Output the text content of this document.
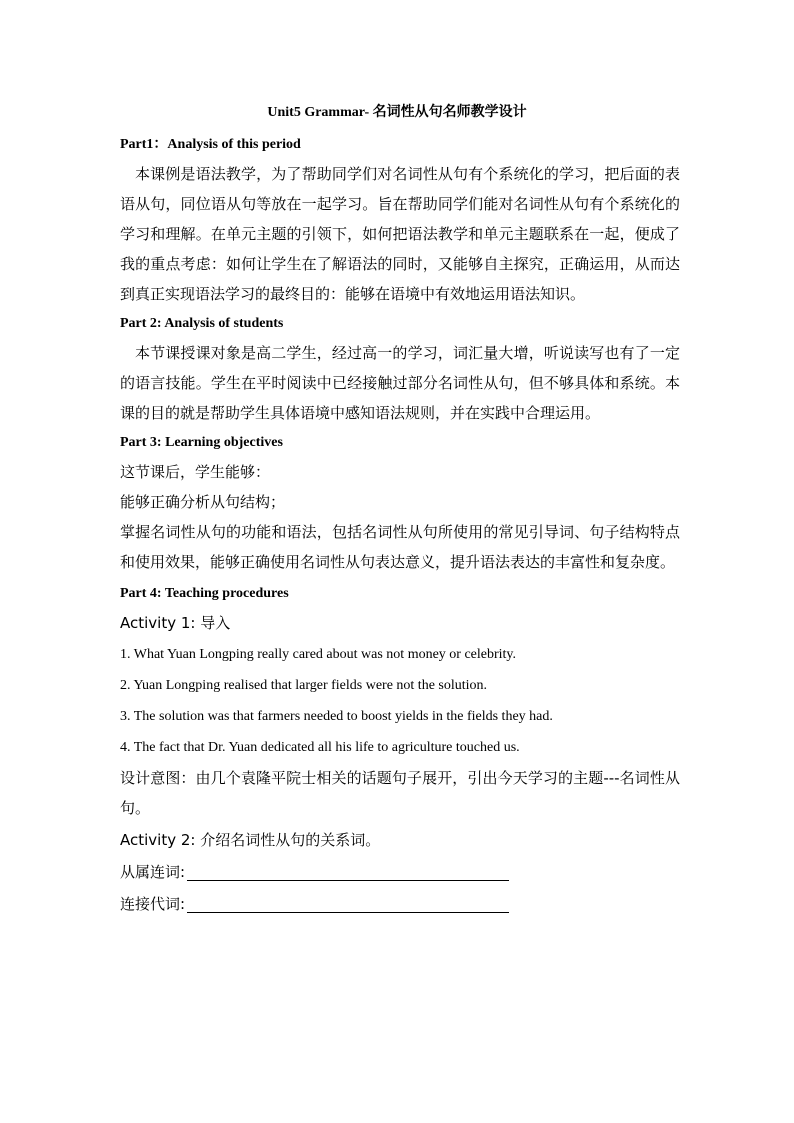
Unit5 Grammar- 名词性从句名师教学设计
Part1：Analysis of this period
本课例是语法教学，为了帮助同学们对名词性从句有个系统化的学习，把后面的表语从句，同位语从句等放在一起学习。旨在帮助同学们能对名词性从句有个系统化的学习和理解。在单元主题的引领下，如何把语法教学和单元主题联系在一起，便成了我的重点考虑：如何让学生在了解语法的同时，又能够自主探究，正确运用，从而达到真正实现语法学习的最终目的：能够在语境中有效地运用语法知识。
Part 2: Analysis of students
本节课授课对象是高二学生，经过高一的学习，词汇量大增，听说读写也有了一定的语言技能。学生在平时阅读中已经接触过部分名词性从句，但不够具体和系统。本课的目的就是帮助学生具体语境中感知语法规则，并在实践中合理运用。
Part 3: Learning objectives
这节课后，学生能够：
能够正确分析从句结构；
掌握名词性从句的功能和语法，包括名词性从句所使用的常见引导词、句子结构特点和使用效果，能够正确使用名词性从句表达意义，提升语法表达的丰富性和复杂度。
Part 4: Teaching procedures
Activity 1: 导入
1. What Yuan Longping really cared about was not money or celebrity.
2. Yuan Longping realised that larger fields were not the solution.
3. The solution was that farmers needed to boost yields in the fields they had.
4. The fact that Dr. Yuan dedicated all his life to agriculture touched us.
设计意图：由几个袁隆平院士相关的话题句子展开，引出今天学习的主题---名词性从句。
Activity 2: 介绍名词性从句的关系词。
从属连词:
连接代词:
